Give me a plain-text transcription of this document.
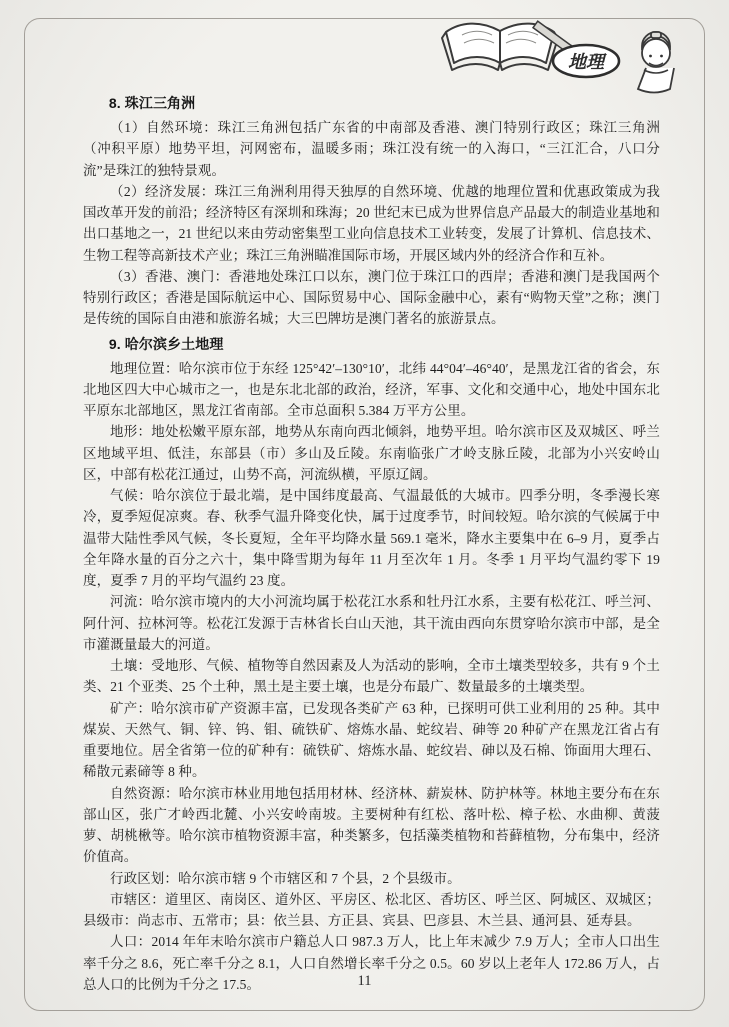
地理
8. 珠江三角洲

（1）自然环境：珠江三角洲包括广东省的中南部及香港、澳门特别行政区；珠江三角洲（冲积平原）地势平坦，河网密布，温暖多雨；珠江没有统一的入海口，“三江汇合，八口分流”是珠江的独特景观。

（2）经济发展：珠江三角洲利用得天独厚的自然环境、优越的地理位置和优惠政策成为我国改革开发的前沿；经济特区有深圳和珠海；20 世纪末已成为世界信息产品最大的制造业基地和出口基地之一，21 世纪以来由劳动密集型工业向信息技术工业转变，发展了计算机、信息技术、生物工程等高新技术产业；珠江三角洲瞄准国际市场，开展区域内外的经济合作和互补。

（3）香港、澳门：香港地处珠江口以东，澳门位于珠江口的西岸；香港和澳门是我国两个特别行政区；香港是国际航运中心、国际贸易中心、国际金融中心，素有“购物天堂”之称；澳门是传统的国际自由港和旅游名城；大三巴牌坊是澳门著名的旅游景点。

9. 哈尔滨乡土地理

地理位置：哈尔滨市位于东经 125°42′–130°10′，北纬 44°04′–46°40′，是黑龙江省的省会，东北地区四大中心城市之一，也是东北北部的政治，经济，军事、文化和交通中心，地处中国东北平原东北部地区，黑龙江省南部。全市总面积 5.384 万平方公里。

地形：地处松嫩平原东部，地势从东南向西北倾斜，地势平坦。哈尔滨市区及双城区、呼兰区地域平坦、低洼，东部县（市）多山及丘陵。东南临张广才岭支脉丘陵，北部为小兴安岭山区，中部有松花江通过，山势不高，河流纵横，平原辽阔。

气候：哈尔滨位于最北端，是中国纬度最高、气温最低的大城市。四季分明，冬季漫长寒冷，夏季短促凉爽。春、秋季气温升降变化快，属于过度季节，时间较短。哈尔滨的气候属于中温带大陆性季风气候，冬长夏短，全年平均降水量 569.1 毫米，降水主要集中在 6–9 月，夏季占全年降水量的百分之六十，集中降雪期为每年 11 月至次年 1 月。冬季 1 月平均气温约零下 19 度，夏季 7 月的平均气温约 23 度。

河流：哈尔滨市境内的大小河流均属于松花江水系和牡丹江水系，主要有松花江、呼兰河、阿什河、拉林河等。松花江发源于吉林省长白山天池，其干流由西向东贯穿哈尔滨市中部，是全市灌溉量最大的河道。

土壤：受地形、气候、植物等自然因素及人为活动的影响，全市土壤类型较多，共有 9 个土类、21 个亚类、25 个土种，黑土是主要土壤，也是分布最广、数量最多的土壤类型。

矿产：哈尔滨市矿产资源丰富，已发现各类矿产 63 种，已探明可供工业利用的 25 种。其中煤炭、天然气、铜、锌、钨、钼、硫铁矿、熔炼水晶、蛇纹岩、砷等 20 种矿产在黑龙江省占有重要地位。居全省第一位的矿种有：硫铁矿、熔炼水晶、蛇纹岩、砷以及石棉、饰面用大理石、稀散元素碲等 8 种。

自然资源：哈尔滨市林业用地包括用材林、经济林、薪炭林、防护林等。林地主要分布在东部山区，张广才岭西北麓、小兴安岭南坡。主要树种有红松、落叶松、樟子松、水曲柳、黄菠萝、胡桃楸等。哈尔滨市植物资源丰富，种类繁多，包括藻类植物和苔藓植物，分布集中，经济价值高。

行政区划：哈尔滨市辖 9 个市辖区和 7 个县，2 个县级市。

市辖区：道里区、南岗区、道外区、平房区、松北区、香坊区、呼兰区、阿城区、双城区；县级市：尚志市、五常市；县：依兰县、方正县、宾县、巴彦县、木兰县、通河县、延寿县。

人口：2014 年年末哈尔滨市户籍总人口 987.3 万人，比上年末减少 7.9 万人；全市人口出生率千分之 8.6，死亡率千分之 8.1，人口自然增长率千分之 0.5。60 岁以上老年人 172.86 万人，占总人口的比例为千分之 17.5。	11
